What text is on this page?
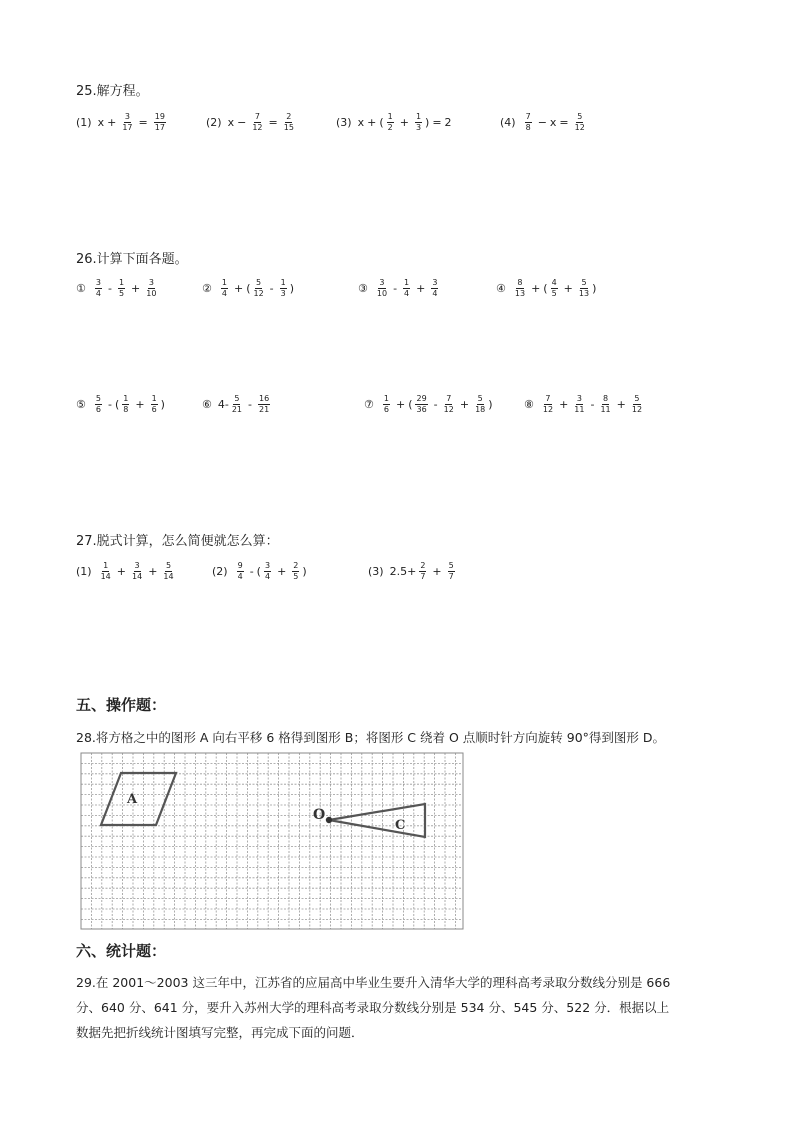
25.解方程。
(1) $x + \frac{3}{17} = \frac{19}{17}$	(2) $x - \frac{7}{12} = \frac{2}{15}$	(3) x + ( $\frac{1}{2} + \frac{1}{3}$ ) = 2	$(4) \frac{7}{8} - x = \frac{5}{12}$
26.计算下面各题。
① $\frac{3}{4} - \frac{1}{5} + \frac{3}{10}$	② $\frac{1}{4}$ + ( $\frac{5}{12} - \frac{1}{3}$ )	③ $\frac{3}{10} - \frac{1}{4} + \frac{3}{4}$	④ $\frac{8}{13}$ + ( $\frac{4}{5} + \frac{5}{13}$ )
⑤ $\frac{5}{6}$ - ( $\frac{1}{8} + \frac{1}{6}$ )	⑥ $4- \frac{5}{21} - \frac{16}{21}$	⑦ $\frac{1}{6}$ + ( $\frac{29}{36} - \frac{7}{12} + \frac{5}{18}$ )	⑧ $\frac{7}{12} + \frac{3}{11} - \frac{8}{11} + \frac{5}{12}$
27.脱式计算，怎么简便就怎么算：
$(1) \frac{1}{14} + \frac{3}{14} + \frac{5}{14}$	$(2) \frac{9}{4}$ - ( $\frac{3}{4} + \frac{2}{5}$ )	(3) $2.5+ \frac{2}{7} + \frac{5}{7}$
五、操作题：
28.将方格之中的图形 A 向右平移 6 格得到图形 B；将图形 C 绕着 O 点顺时针方向旋转 90°得到图形 D。
A
O
C
六、统计题：
29.在 2001～2003 这三年中，江苏省的应届高中毕业生要升入清华大学的理科高考录取分数线分别是 666
分、640 分、641 分，要升入苏州大学的理科高考录取分数线分别是 534 分、545 分、522 分．根据以上
数据先把折线统计图填写完整，再完成下面的问题．
